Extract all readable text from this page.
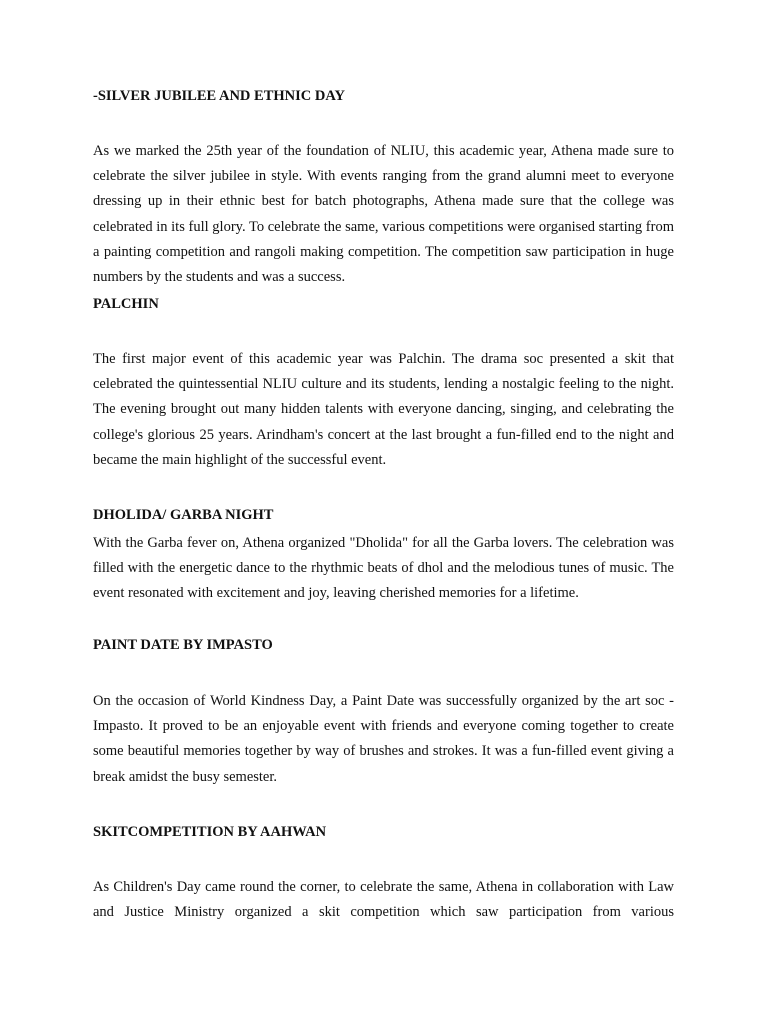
-SILVER JUBILEE AND ETHNIC DAY

As we marked the 25th year of the foundation of NLIU, this academic year, Athena made sure to celebrate the silver jubilee in style. With events ranging from the grand alumni meet to everyone dressing up in their ethnic best for batch photographs, Athena made sure that the college was celebrated in its full glory. To celebrate the same, various competitions were organised starting from a painting competition and rangoli making competition. The competition saw participation in huge numbers by the students and was a success.

PALCHIN

The first major event of this academic year was Palchin. The drama soc presented a skit that celebrated the quintessential NLIU culture and its students, lending a nostalgic feeling to the night. The evening brought out many hidden talents with everyone dancing, singing, and celebrating the college's glorious 25 years. Arindham's concert at the last brought a fun-filled end to the night and became the main highlight of the successful event.

DHOLIDA/ GARBA NIGHT

With the Garba fever on, Athena organized "Dholida" for all the Garba lovers. The celebration was filled with the energetic dance to the rhythmic beats of dhol and the melodious tunes of music. The event resonated with excitement and joy, leaving cherished memories for a lifetime.

PAINT DATE BY IMPASTO

On the occasion of World Kindness Day, a Paint Date was successfully organized by the art soc - Impasto. It proved to be an enjoyable event with friends and everyone coming together to create some beautiful memories together by way of brushes and strokes. It was a fun-filled event giving a break amidst the busy semester.

SKITCOMPETITION BY AAHWAN

As Children's Day came round the corner, to celebrate the same, Athena in collaboration with Law and Justice Ministry organized a skit competition which saw participation from various
